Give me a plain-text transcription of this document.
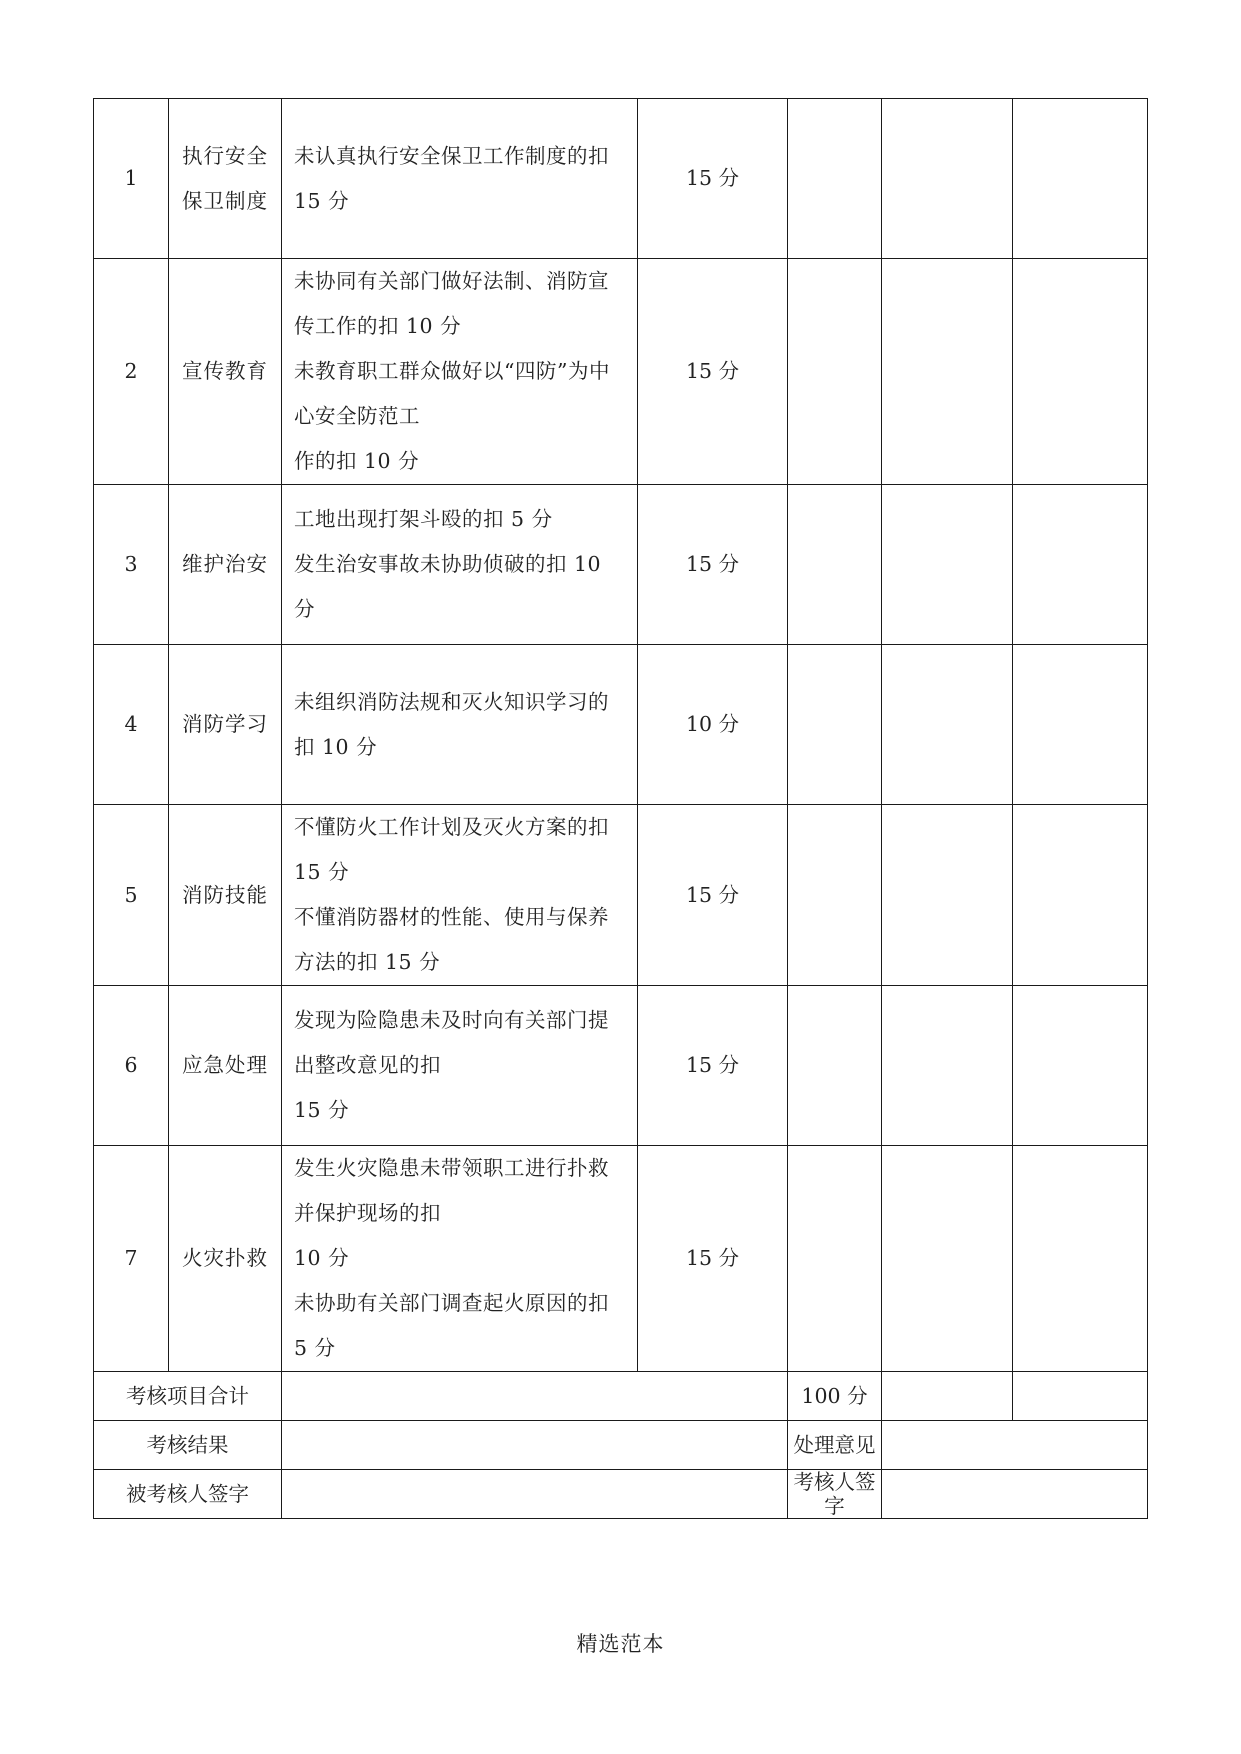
1	执行安全
保卫制度	未认真执行安全保卫工作制度的扣 15 分	15 分			
2	宣传教育	未协同有关部门做好法制、消防宣传工作的扣 10 分
未教育职工群众做好以“四防”为中心安全防范工
作的扣 10 分	15 分			
3	维护治安	工地出现打架斗殴的扣 5 分
发生治安事故未协助侦破的扣 10 分	15 分			
4	消防学习	未组织消防法规和灭火知识学习的扣 10 分	10 分			
5	消防技能	不懂防火工作计划及灭火方案的扣 15 分
不懂消防器材的性能、使用与保养方法的扣 15 分	15 分			
6	应急处理	发现为险隐患未及时向有关部门提出整改意见的扣
15 分	15 分			
7	火灾扑救	发生火灾隐患未带领职工进行扑救并保护现场的扣
10 分
未协助有关部门调查起火原因的扣 5 分	15 分			
考核项目合计				100 分		
考核结果				处理意见		
被考核人签字				考核人签字		
精选范本
